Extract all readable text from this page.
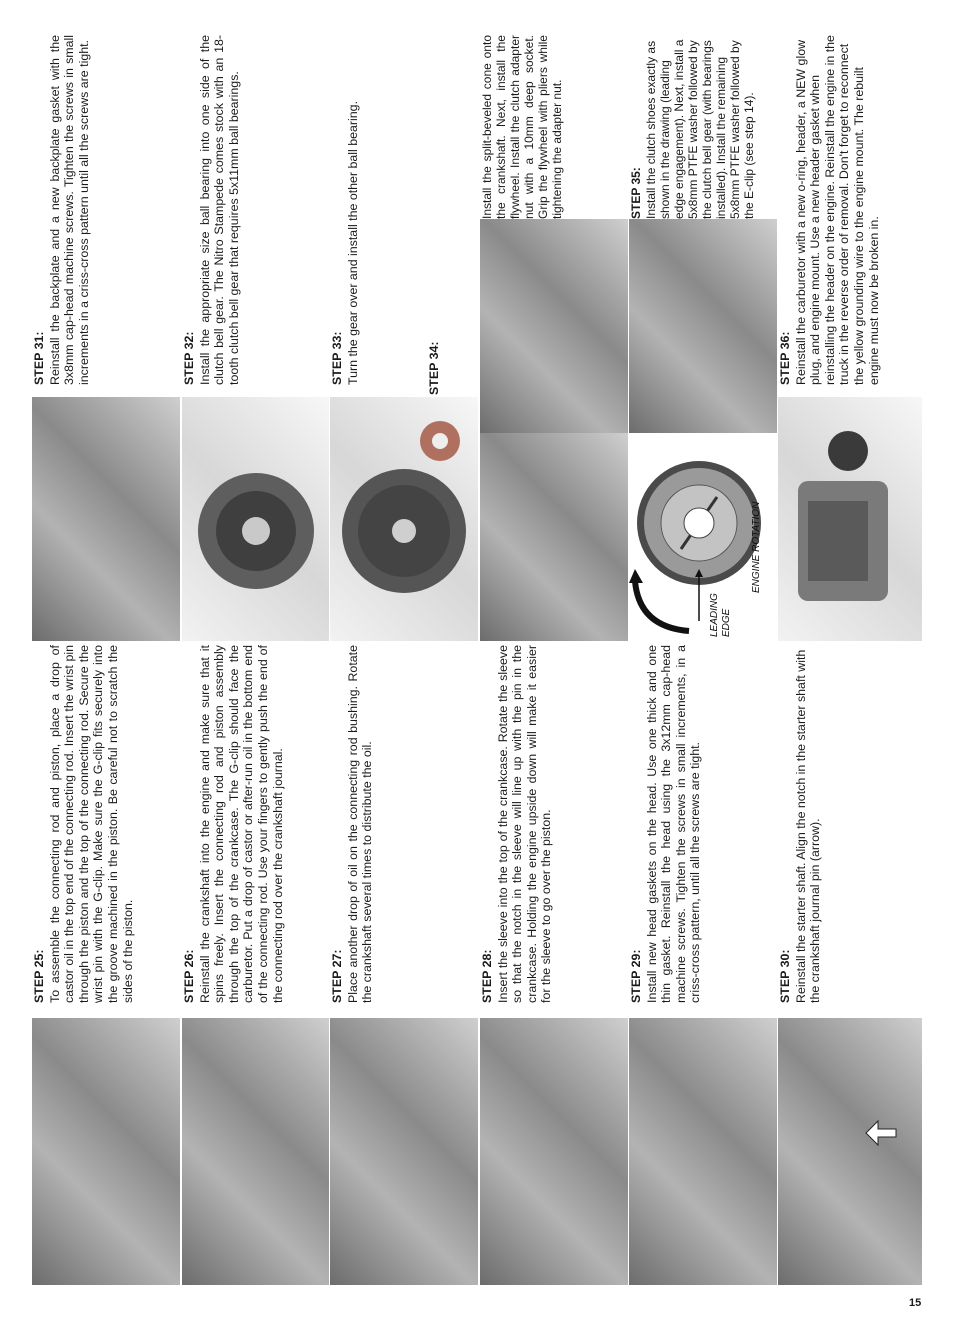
STEP 25: To assemble the connecting rod and piston, place a drop of castor oil in the top end of the connecting rod. Insert the wrist pin through the piston and the top of the connecting rod. Secure the wrist pin with the G-clip. Make sure the G-clip fits securely into the groove machined in the piston. Be careful not to scratch the sides of the piston.	STEP 26: Reinstall the crankshaft into the engine and make sure that it spins freely. Insert the connecting rod and piston assembly through the top of the crankcase. The G-clip should face the carburetor. Put a drop of castor or after-run oil in the bottom end of the connecting rod. Use your fingers to gently push the end of the connecting rod over the crankshaft journal.	STEP 27: Place another drop of oil on the connecting rod bushing. Rotate the crankshaft several times to distribute the oil.	STEP 28: Insert the sleeve into the top of the crankcase. Rotate the sleeve so that the notch in the sleeve will line up with the pin in the crankcase. Holding the engine upside down will make it easier for the sleeve to go over the piston.	STEP 29: Install new head gaskets on the head. Use one thick and one thin gasket. Reinstall the head using the 3x12mm cap-head machine screws. Tighten the screws in small increments, in a criss-cross pattern, until all the screws are tight.	STEP 30: Reinstall the starter shaft. Align the notch in the starter shaft with the crankshaft journal pin (arrow).
STEP 31: Reinstall the backplate and a new backplate gasket with the 3x8mm cap-head machine screws. Tighten the screws in small increments in a criss-cross pattern until all the screws are tight.	STEP 32: Install the appropriate size ball bearing into one side of the clutch bell gear. The Nitro Stampede comes stock with an 18-tooth clutch bell gear that requires 5x11mm ball bearings.	STEP 33: Turn the gear over and install the other ball bearing.	STEP 34:
ENGINE ROTATION
LEADING EDGE
STEP 36: Reinstall the carburetor with a new o-ring, header, a NEW glow plug, and engine mount. Use a new header gasket when reinstalling the header on the engine. Reinstall the engine in the truck in the reverse order of removal. Don't forget to reconnect the yellow grounding wire to the engine mount. The rebuilt engine must now be broken in.
Install the split-beveled cone onto the crankshaft. Next, install the flywheel. Install the clutch adapter nut with a 10mm deep socket. Grip the flywheel with pliers while tightening the adapter nut.	STEP 35: Install the clutch shoes exactly as shown in the drawing (leading edge engagement). Next, install a 5x8mm PTFE washer followed by the clutch bell gear (with bearings installed). Install the remaining 5x8mm PTFE washer followed by the E-clip (see step 14).
15
